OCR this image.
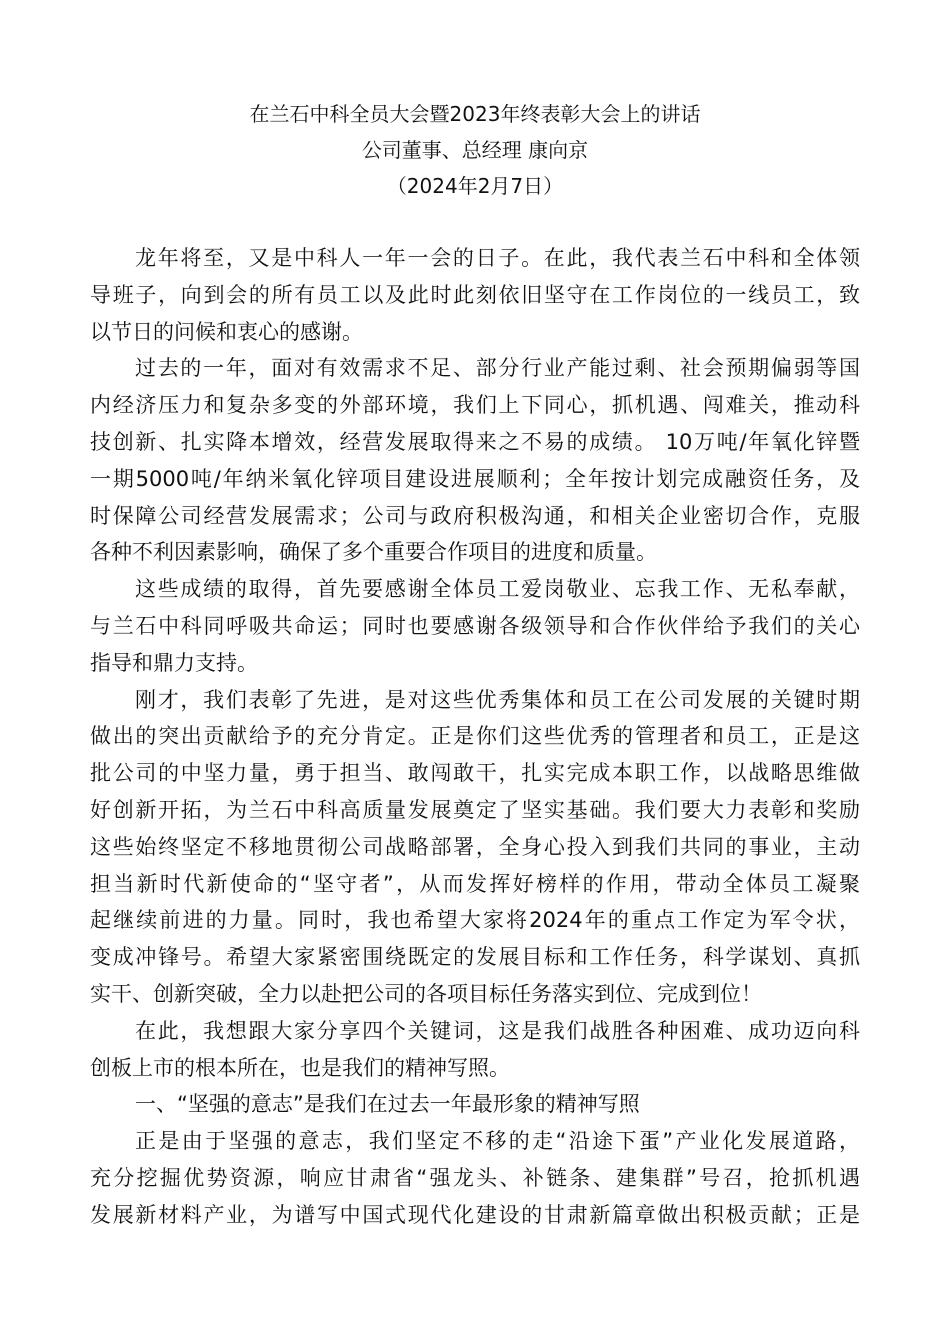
在兰石中科全员大会暨2023年终表彰大会上的讲话
公司董事、总经理 康向京
（2024年2月7日）
龙年将至，又是中科人一年一会的日子。在此，我代表兰石中科和全体领
导班子，向到会的所有员工以及此时此刻依旧坚守在工作岗位的一线员工，致
以节日的问候和衷心的感谢。
过去的一年，面对有效需求不足、部分行业产能过剩、社会预期偏弱等国
内经济压力和复杂多变的外部环境，我们上下同心，抓机遇、闯难关，推动科
技创新、扎实降本增效，经营发展取得来之不易的成绩。 10万吨/年氧化锌暨
一期5000吨/年纳米氧化锌项目建设进展顺利；全年按计划完成融资任务，及
时保障公司经营发展需求；公司与政府积极沟通，和相关企业密切合作，克服
各种不利因素影响，确保了多个重要合作项目的进度和质量。
这些成绩的取得，首先要感谢全体员工爱岗敬业、忘我工作、无私奉献，
与兰石中科同呼吸共命运；同时也要感谢各级领导和合作伙伴给予我们的关心
指导和鼎力支持。
刚才，我们表彰了先进，是对这些优秀集体和员工在公司发展的关键时期
做出的突出贡献给予的充分肯定。正是你们这些优秀的管理者和员工，正是这
批公司的中坚力量，勇于担当、敢闯敢干，扎实完成本职工作，以战略思维做
好创新开拓，为兰石中科高质量发展奠定了坚实基础。我们要大力表彰和奖励
这些始终坚定不移地贯彻公司战略部署，全身心投入到我们共同的事业，主动
担当新时代新使命的“坚守者”，从而发挥好榜样的作用，带动全体员工凝聚
起继续前进的力量。同时，我也希望大家将2024年的重点工作定为军令状，
变成冲锋号。希望大家紧密围绕既定的发展目标和工作任务，科学谋划、真抓
实干、创新突破，全力以赴把公司的各项目标任务落实到位、完成到位！
在此，我想跟大家分享四个关键词，这是我们战胜各种困难、成功迈向科
创板上市的根本所在，也是我们的精神写照。
一、“坚强的意志”是我们在过去一年最形象的精神写照
正是由于坚强的意志，我们坚定不移的走“沿途下蛋”产业化发展道路，
充分挖掘优势资源，响应甘肃省“强龙头、补链条、建集群”号召，抢抓机遇
发展新材料产业，为谱写中国式现代化建设的甘肃新篇章做出积极贡献；正是
